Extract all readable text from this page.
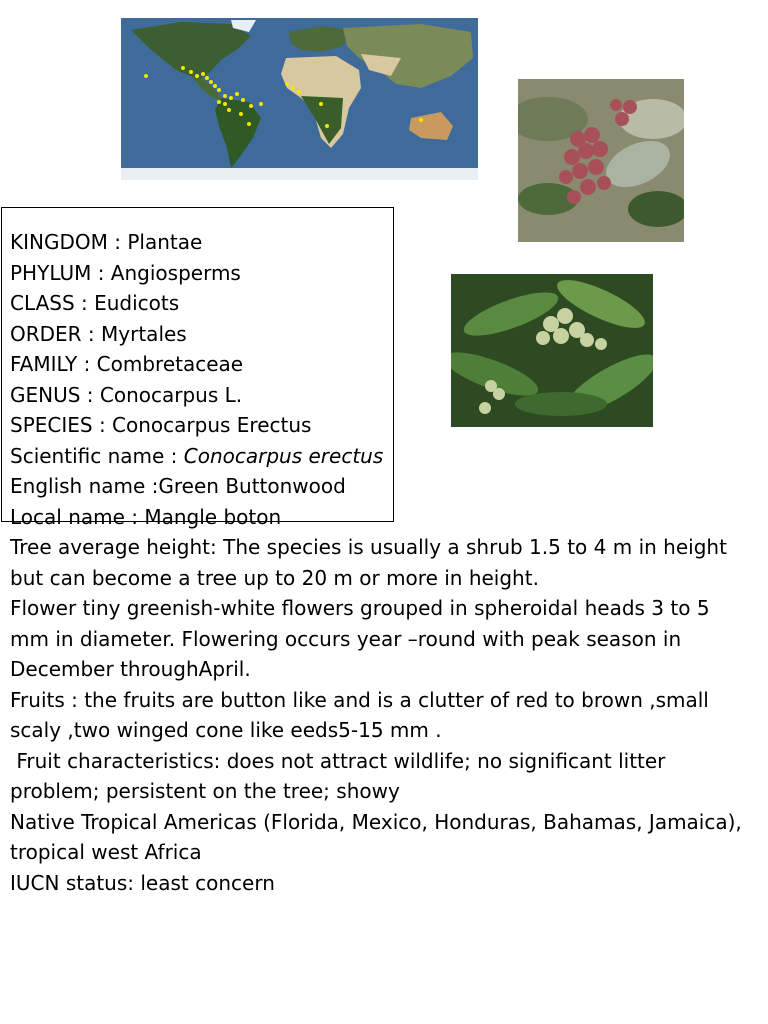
KINGDOM : Plantae
PHYLUM : Angiosperms
CLASS : Eudicots
ORDER : Myrtales
FAMILY : Combretaceae
GENUS : Conocarpus L.
SPECIES : Conocarpus Erectus
Scientific name : Conocarpus erectus
English name :Green Buttonwood
Local name : Mangle boton

Tree average height: The species is usually a shrub 1.5 to 4 m in height but can become a tree up to 20 m or more in height.

Flower tiny greenish-white flowers grouped in spheroidal heads 3 to 5 mm in diameter. Flowering occurs year –round with peak season in December throughApril.

Fruits : the fruits are button like and is a clutter of red to brown ,small scaly ,two winged cone like eeds5-15 mm .

Fruit characteristics: does not attract wildlife; no significant litter problem; persistent on the tree; showy

Native Tropical Americas (Florida, Mexico, Honduras, Bahamas, Jamaica), tropical west Africa

IUCN status: least concern
